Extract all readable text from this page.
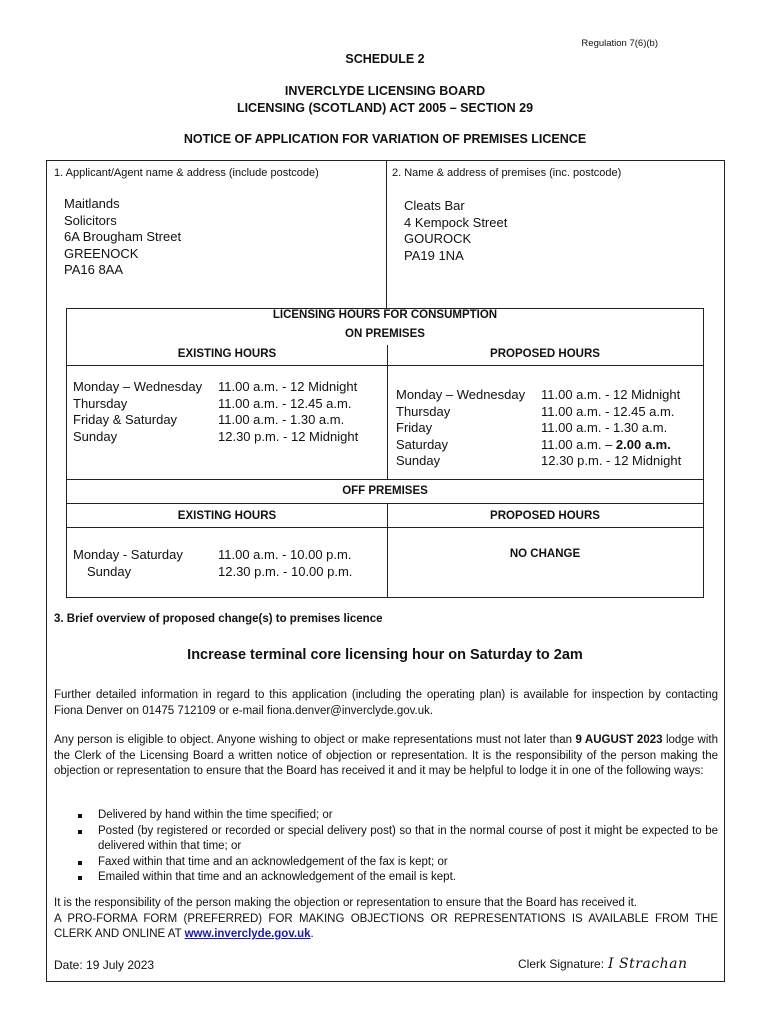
Regulation 7(6)(b)
SCHEDULE 2
INVERCLYDE LICENSING BOARD
LICENSING (SCOTLAND) ACT 2005 – SECTION 29
NOTICE OF APPLICATION FOR VARIATION OF PREMISES LICENCE
1. Applicant/Agent name & address (include postcode)	2. Name & address of premises (inc. postcode)
Maitlands
Solicitors
6A Brougham Street
GREENOCK
PA16 8AA
Cleats Bar
4 Kempock Street
GOUROCK
PA19 1NA
LICENSING HOURS FOR CONSUMPTION
ON PREMISES
EXISTING HOURS	PROPOSED HOURS
Monday – Wednesday 11.00 a.m. - 12 Midnight
Thursday	11.00 a.m. - 12.45 a.m.
Friday & Saturday	11.00 a.m. - 1.30 a.m.
Sunday	12.30 p.m. - 12 Midnight
Monday – Wednesday 11.00 a.m. - 12 Midnight
Thursday	11.00 a.m. - 12.45 a.m.
Friday	11.00 a.m. - 1.30 a.m.
Saturday	11.00 a.m. – 2.00 a.m.
Sunday	12.30 p.m. - 12 Midnight
OFF PREMISES
EXISTING HOURS	PROPOSED HOURS
Monday - Saturday	11.00 a.m. - 10.00 p.m.
Sunday	12.30 p.m. - 10.00 p.m.
NO CHANGE
3. Brief overview of proposed change(s) to premises licence
Increase terminal core licensing hour on Saturday to 2am
Further detailed information in regard to this application (including the operating plan) is available for inspection by contacting Fiona Denver on 01475 712109 or e-mail fiona.denver@inverclyde.gov.uk.
Any person is eligible to object. Anyone wishing to object or make representations must not later than 9 AUGUST 2023 lodge with the Clerk of the Licensing Board a written notice of objection or representation. It is the responsibility of the person making the objection or representation to ensure that the Board has received it and it may be helpful to lodge it in one of the following ways:
Delivered by hand within the time specified; or
Posted (by registered or recorded or special delivery post) so that in the normal course of post it might be expected to be delivered within that time; or
Faxed within that time and an acknowledgement of the fax is kept; or
Emailed within that time and an acknowledgement of the email is kept.
It is the responsibility of the person making the objection or representation to ensure that the Board has received it.
A PRO-FORMA FORM (PREFERRED) FOR MAKING OBJECTIONS OR REPRESENTATIONS IS AVAILABLE FROM THE CLERK AND ONLINE AT www.inverclyde.gov.uk.
Date: 19 July 2023	Clerk Signature: I Strachan
